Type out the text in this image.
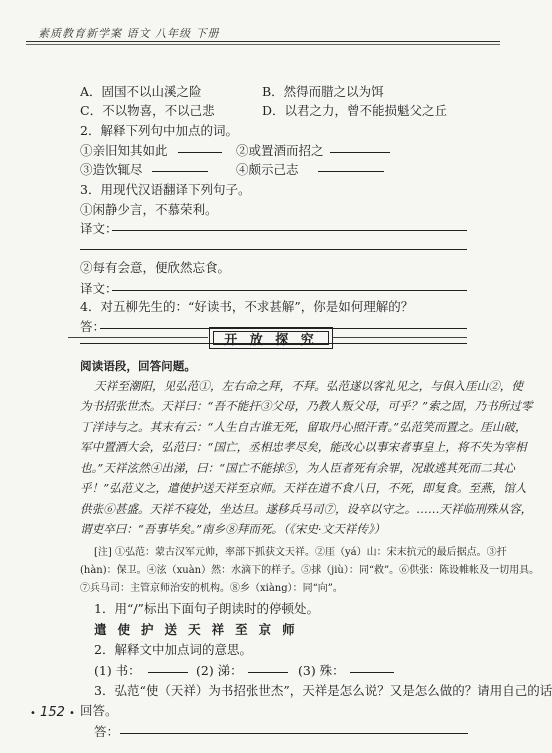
素质教育新学案 语文 八年级 下册
A．固国不以山溪之险	B．然得而腊之以为饵
C．不以物喜，不以己悲	D．以君之力，曾不能损魁父之丘
2．解释下列句中加点的词。
①亲旧知其如此	②或置酒而招之
③造饮辄尽	④颇示己志
3．用现代汉语翻译下列句子。
①闲静少言，不慕荣利。
译文：
②每有会意，便欣然忘食。
译文：
4．对五柳先生的：“好读书，不求甚解”，你是如何理解的？
答：
开 放 探 究
阅读语段，回答问题。
天祥至潮阳，见弘范①，左右命之拜，不拜。弘范遂以客礼见之，与俱入厓山②，使
为书招张世杰。天祥曰：“吾不能扞③父母，乃教人叛父母，可乎？”索之固，乃书所过零
丁洋诗与之。其末有云：“人生自古谁无死，留取丹心照汗青。”弘范笑而置之。厓山破，
军中置酒大会，弘范曰：“国亡，丞相忠孝尽矣，能改心以事宋者事皇上，将不失为宰相
也。”天祥泫然④出涕，曰：“国亡不能捄⑤，为人臣者死有余罪，况敢逃其死而二其心
乎！”弘范义之，遣使护送天祥至京师。天祥在道不食八日，不死，即复食。至燕，馆人
供张⑥甚盛。天祥不寝处，坐达旦。遂移兵马司⑦，设卒以守之。……天祥临刑殊从容，
谓吏卒曰：“吾事毕矣。”南乡⑧拜而死。（《宋史·文天祥传》）
[注] ①弘范：蒙古汉军元帅，率部下抓获文天祥。②厓（yá）山：宋末抗元的最后据点。③扞
(hàn)：保卫。④泫（xuàn）然：水滴下的样子。⑤捄（jiù）：同“救”。⑥供张：陈设帷帐及一切用具。
⑦兵马司：主管京师治安的机构。⑧乡（xiàng）：同“向”。
1．用“/”标出下面句子朗读时的停顿处。
遣 使 护 送 天 祥 至 京 师
2．解释文中加点词的意思。
(1) 书：	(2) 涕：	(3) 殊：
3．弘范“使（天祥）为书招张世杰”，天祥是怎么说？又是怎么做的？请用自己的话
回答。
答：
• 152 •
